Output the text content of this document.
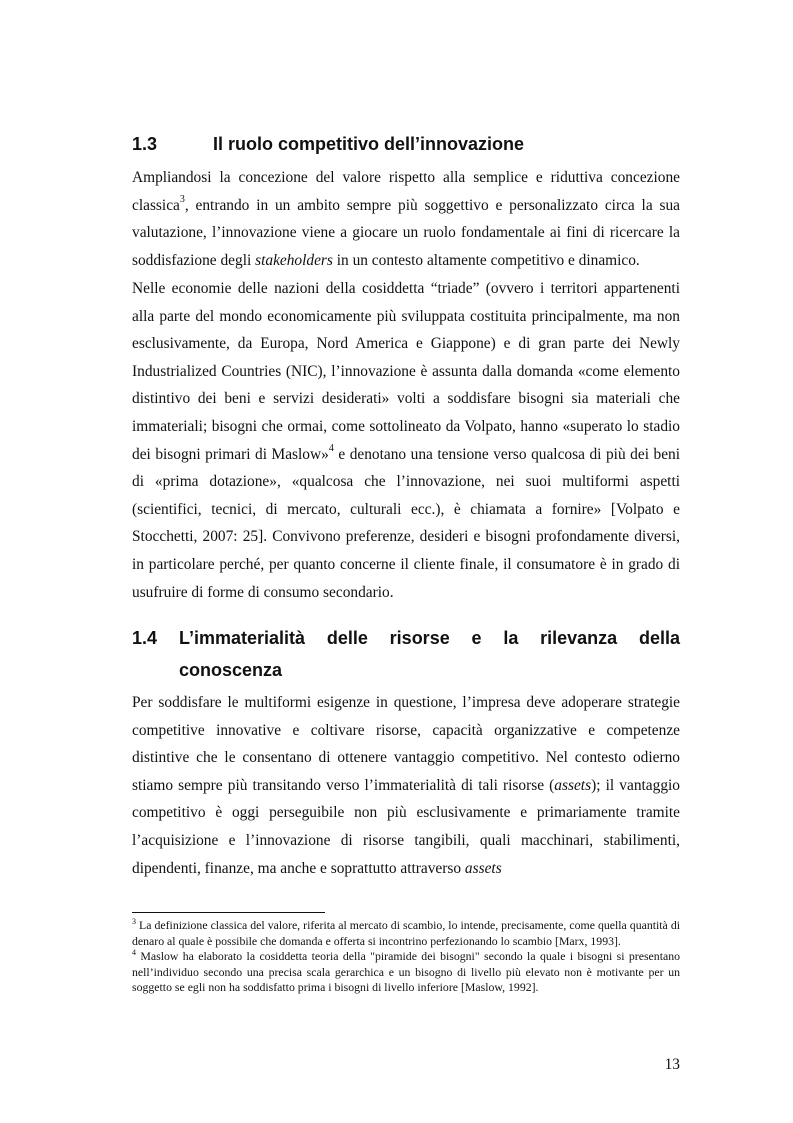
1.3	Il ruolo competitivo dell’innovazione

Ampliandosi la concezione del valore rispetto alla semplice e riduttiva concezione classica$^3$, entrando in un ambito sempre più soggettivo e personalizzato circa la sua valutazione, l’innovazione viene a giocare un ruolo fondamentale ai fini di ricercare la soddisfazione degli stakeholders in un contesto altamente competitivo e dinamico.

Nelle economie delle nazioni della cosiddetta “triade” (ovvero i territori appartenenti alla parte del mondo economicamente più sviluppata costituita principalmente, ma non esclusivamente, da Europa, Nord America e Giappone) e di gran parte dei Newly Industrialized Countries (NIC), l’innovazione è assunta dalla domanda «come elemento distintivo dei beni e servizi desiderati» volti a soddisfare bisogni sia materiali che immateriali; bisogni che ormai, come sottolineato da Volpato, hanno «superato lo stadio dei bisogni primari di Maslow»$^4$ e denotano una tensione verso qualcosa di più dei beni di «prima dotazione», «qualcosa che l’innovazione, nei suoi multiformi aspetti (scientifici, tecnici, di mercato, culturali ecc.), è chiamata a fornire» [Volpato e Stocchetti, 2007: 25]. Convivono preferenze, desideri e bisogni profondamente diversi, in particolare perché, per quanto concerne il cliente finale, il consumatore è in grado di usufruire di forme di consumo secondario.

1.4 L’immaterialità delle risorse e la rilevanza della
conoscenza

Per soddisfare le multiformi esigenze in questione, l’impresa deve adoperare strategie competitive innovative e coltivare risorse, capacità organizzative e competenze distintive che le consentano di ottenere vantaggio competitivo. Nel contesto odierno stiamo sempre più transitando verso l’immaterialità di tali risorse (assets); il vantaggio competitivo è oggi perseguibile non più esclusivamente e primariamente tramite l’acquisizione e l’innovazione di risorse tangibili, quali macchinari, stabilimenti, dipendenti, finanze, ma anche e soprattutto attraverso assets

$^3$ La definizione classica del valore, riferita al mercato di scambio, lo intende, precisamente, come quella quantità di denaro al quale è possibile che domanda e offerta si incontrino perfezionando lo scambio [Marx, 1993].

$^4$ Maslow ha elaborato la cosiddetta teoria della "piramide dei bisogni" secondo la quale i bisogni si presentano nell’individuo secondo una precisa scala gerarchica e un bisogno di livello più elevato non è motivante per un soggetto se egli non ha soddisfatto prima i bisogni di livello inferiore [Maslow, 1992].

13
